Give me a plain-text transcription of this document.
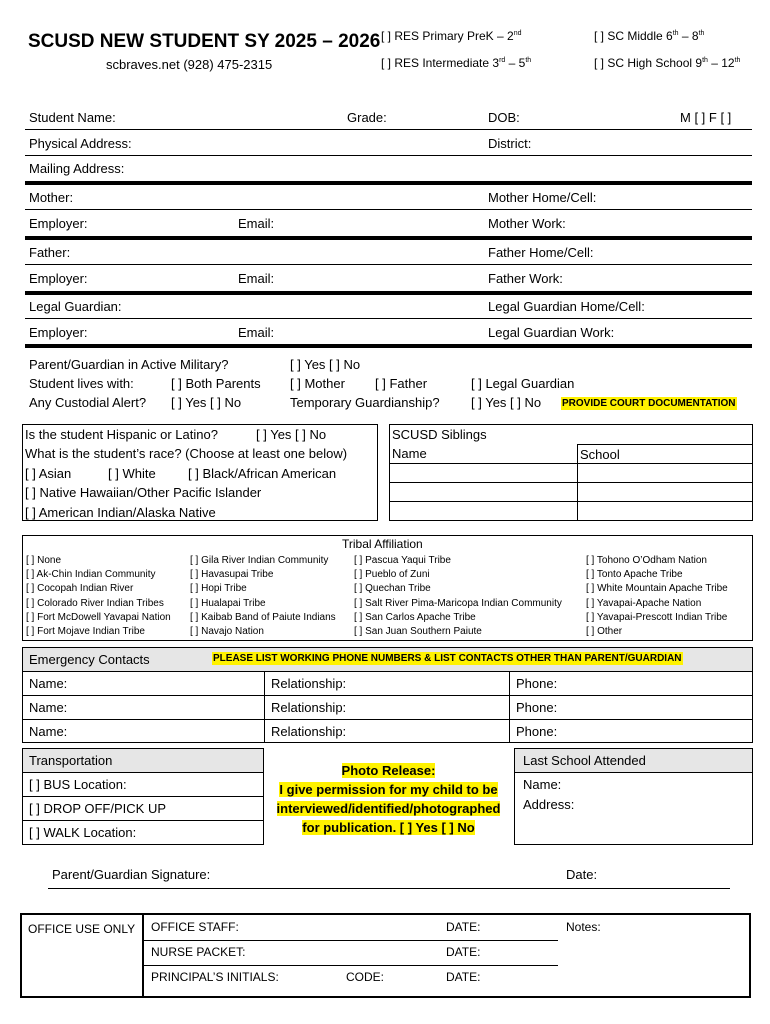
SCUSD NEW STUDENT SY 2025 – 2026
scbraves.net (928) 475-2315
[ ] RES Primary PreK – 2nd
[ ] RES Intermediate 3rd – 5th
[ ] SC Middle 6th – 8th
[ ] SC High School 9th – 12th
Student Name:	Grade:	DOB:	M [ ] F [ ]
Physical Address:	District:
Mailing Address:
Mother:	Mother Home/Cell:
Employer:	Email:	Mother Work:
Father:	Father Home/Cell:
Employer:	Email:	Father Work:
Legal Guardian:	Legal Guardian Home/Cell:
Employer:	Email:	Legal Guardian Work:
Parent/Guardian in Active Military?	[ ] Yes [ ] No
Student lives with:	[ ] Both Parents [ ] Mother [ ] Father	[ ] Legal Guardian
Any Custodial Alert? [ ] Yes [ ] No	Temporary Guardianship? [ ] Yes [ ] No PROVIDE COURT DOCUMENTATION
Is the student Hispanic or Latino?	[ ] Yes [ ] No
What is the student’s race? (Choose at least one below)
[ ] Asian	[ ] White [ ] Black/African American
[ ] Native Hawaiian/Other Pacific Islander
[ ] American Indian/Alaska Native
SCUSD Siblings	
Name	School

Tribal Affiliation
[ ] None
[ ] Ak-Chin Indian Community
[ ] Cocopah Indian River
[ ] Colorado River Indian Tribes
[ ] Fort McDowell Yavapai Nation
[ ] Fort Mojave Indian Tribe
[ ] Gila River Indian Community
[ ] Havasupai Tribe
[ ] Hopi Tribe
[ ] Hualapai Tribe
[ ] Kaibab Band of Paiute Indians
[ ] Navajo Nation
[ ] Pascua Yaqui Tribe
[ ] Pueblo of Zuni
[ ] Quechan Tribe
[ ] Salt River Pima-Maricopa Indian Community
[ ] San Carlos Apache Tribe
[ ] San Juan Southern Paiute
[ ] Tohono O’Odham Nation
[ ] Tonto Apache Tribe
[ ] White Mountain Apache Tribe
[ ] Yavapai-Apache Nation
[ ] Yavapai-Prescott Indian Tribe
[ ] Other
Emergency Contacts PLEASE LIST WORKING PHONE NUMBERS & LIST CONTACTS OTHER THAN PARENT/GUARDIAN		

Name:	Relationship:	Phone:
Name:	Relationship:	Phone:
Name:	Relationship:	Phone:
Transportation
[ ] BUS Location:
[ ] DROP OFF/PICK UP
[ ] WALK Location:
Photo Release:
I give permission for my child to be
interviewed/identified/photographed
for publication. [ ] Yes [ ] No
Last School Attended
Name:
Address:
Parent/Guardian Signature:	Date:
OFFICE USE ONLY OFFICE STAFF:	DATE:	Notes:
NURSE PACKET:	DATE:
PRINCIPAL’S INITIALS:	CODE:	DATE:
